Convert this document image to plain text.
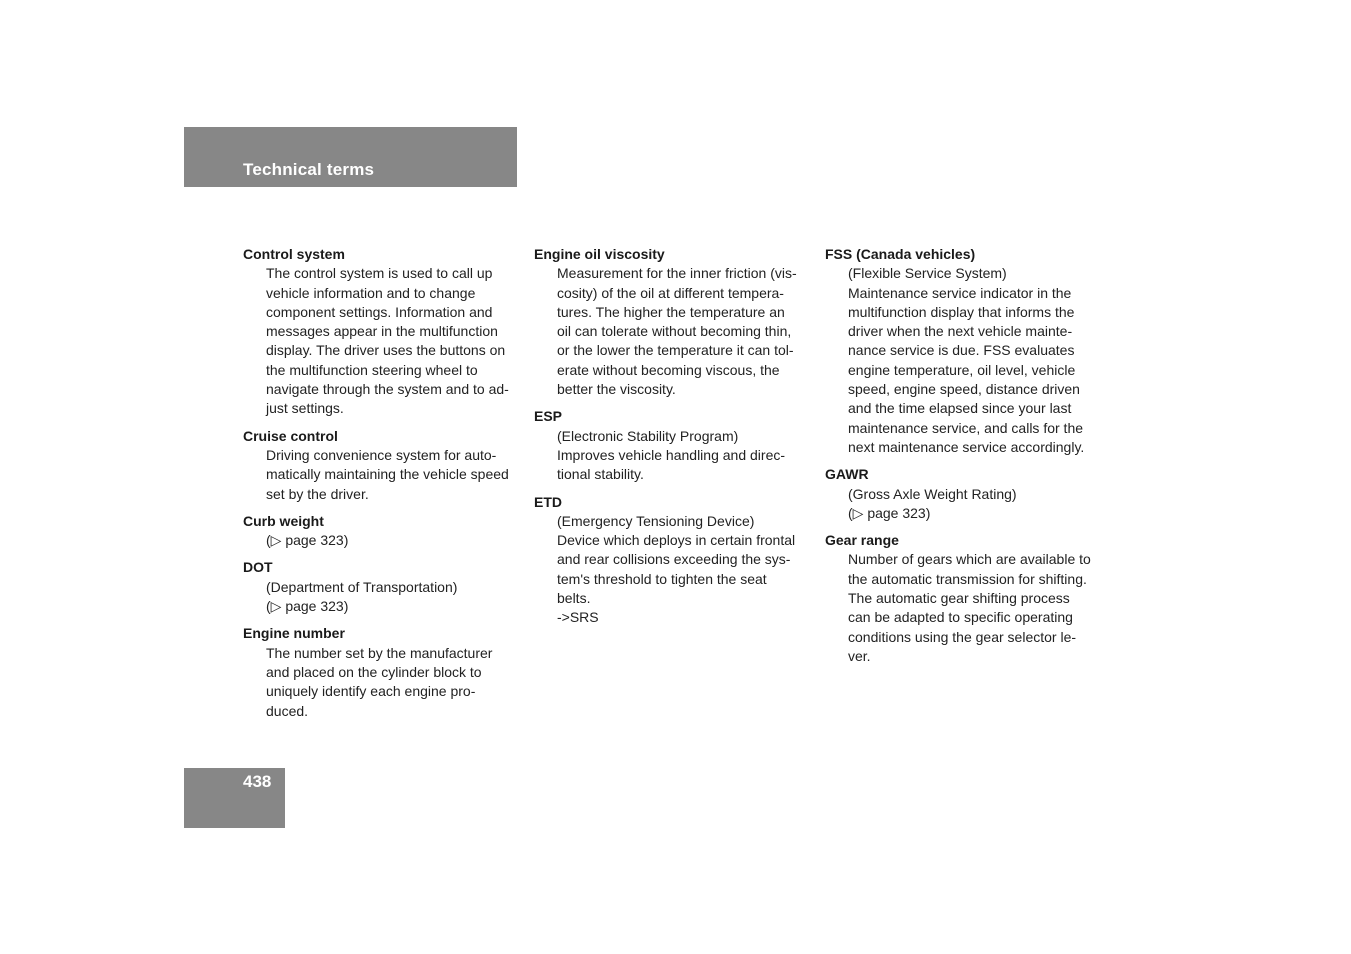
Technical terms
Control system
The control system is used to call up
vehicle information and to change
component settings. Information and
messages appear in the multifunction
display. The driver uses the buttons on
the multifunction steering wheel to
navigate through the system and to ad-
just settings.
Cruise control
Driving convenience system for auto-
matically maintaining the vehicle speed
set by the driver.
Curb weight
(▷ page 323)
DOT
(Department of Transportation)
(▷ page 323)
Engine number
The number set by the manufacturer
and placed on the cylinder block to
uniquely identify each engine pro-
duced.
Engine oil viscosity
Measurement for the inner friction (vis-
cosity) of the oil at different tempera-
tures. The higher the temperature an
oil can tolerate without becoming thin,
or the lower the temperature it can tol-
erate without becoming viscous, the
better the viscosity.
ESP
(Electronic Stability Program)
Improves vehicle handling and direc-
tional stability.
ETD
(Emergency Tensioning Device)
Device which deploys in certain frontal
and rear collisions exceeding the sys-
tem's threshold to tighten the seat
belts.
->SRS
FSS (Canada vehicles)
(Flexible Service System)
Maintenance service indicator in the
multifunction display that informs the
driver when the next vehicle mainte-
nance service is due. FSS evaluates
engine temperature, oil level, vehicle
speed, engine speed, distance driven
and the time elapsed since your last
maintenance service, and calls for the
next maintenance service accordingly.
GAWR
(Gross Axle Weight Rating)
(▷ page 323)
Gear range
Number of gears which are available to
the automatic transmission for shifting.
The automatic gear shifting process
can be adapted to specific operating
conditions using the gear selector le-
ver.
438
